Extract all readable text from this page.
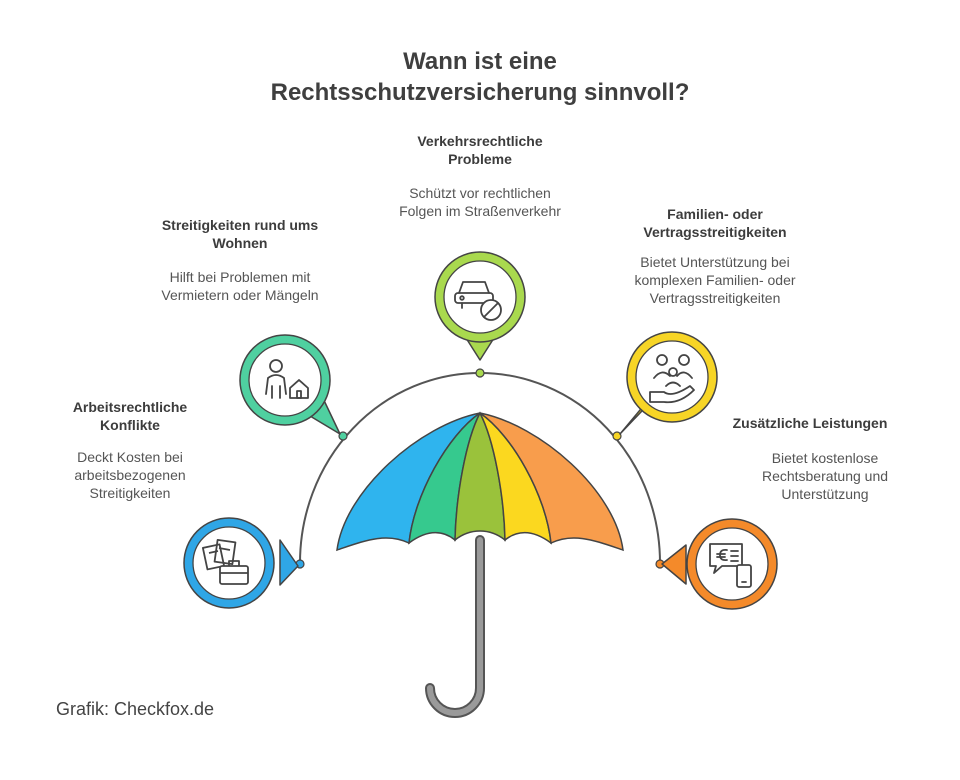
Wann ist eine
Rechtsschutzversicherung sinnvoll?
Arbeitsrechtliche Konflikte
Deckt Kosten bei arbeitsbezogenen Streitigkeiten
Streitigkeiten rund ums Wohnen
Hilft bei Problemen mit Vermietern oder Mängeln
Verkehrsrechtliche Probleme
Schützt vor rechtlichen Folgen im Straßenverkehr	Familien- oder Vertragsstreitigkeiten
Bietet Unterstützung bei komplexen Familien- oder Vertragsstreitigkeiten
Zusätzliche Leistungen
Bietet kostenlose Rechtsberatung und Unterstützung
Grafik: Checkfox.de
